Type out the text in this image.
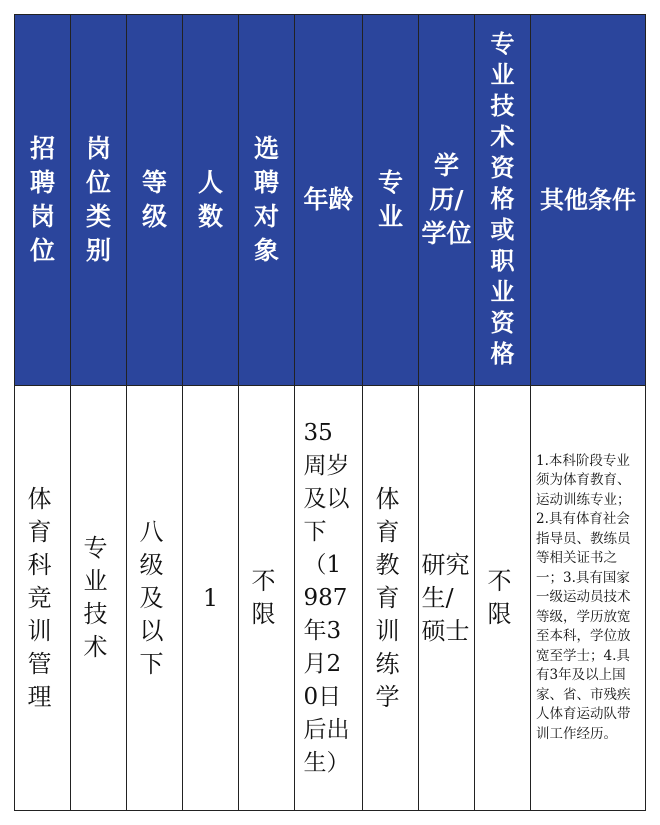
招聘岗位	岗位类别	等级	人数	选聘对象	年龄	专业	学历/学位	专业技术资格或职业资格	其他条件
体育科竞训管理	专业技术	八级及以下	1	不限	35周岁及以下（1987年3月20日后出生）	体育教育训练学	研究生/硕士	不限	1.本科阶段专业须为体育教育、运动训练专业；2.具有体育社会指导员、教练员等相关证书之一；3.具有国家一级运动员技术等级，学历放宽至本科，学位放宽至学士；4.具有3年及以上国家、省、市残疾人体育运动队带训工作经历。
